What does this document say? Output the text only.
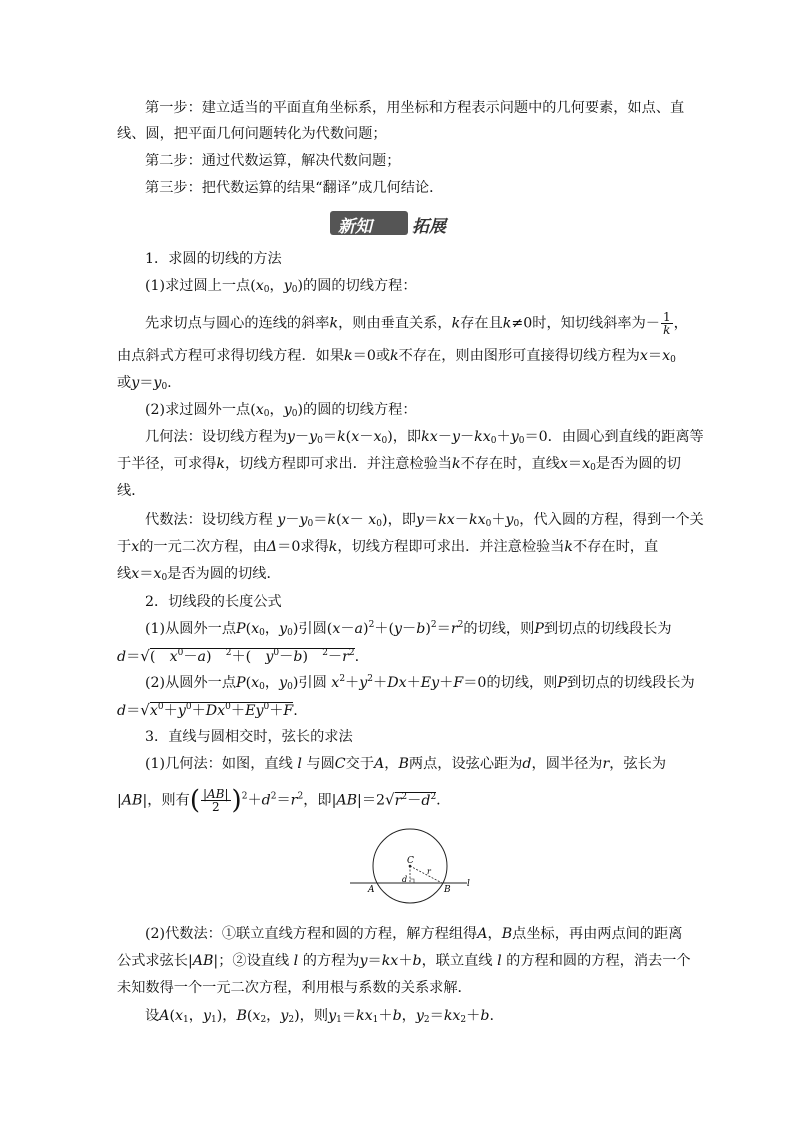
第一步：建立适当的平面直角坐标系，用坐标和方程表示问题中的几何要素，如点、直
线、圆，把平面几何问题转化为代数问题；
第二步：通过代数运算，解决代数问题；
第三步：把代数运算的结果“翻译”成几何结论．
新知 拓展
1．求圆的切线的方法
(1)求过圆上一点($x_0$，$y_0$)的圆的切线方程：
先求切点与圆心的连线的斜率k，则由垂直关系，k存在且k≠0时，知切线斜率为－ $\frac{1}{k}$ ，
由点斜式方程可求得切线方程．如果k＝0或k不存在，则由图形可直接得切线方程为$x=x_0$
或$y=y_0$.
(2)求过圆外一点($x_0$，$y_0$)的圆的切线方程：
几何法：设切线方程为$y-y_0=k(x-x_0)$，即$kx-y-kx_0+y_0=0$．由圆心到直线的距离等
于半径，可求得k，切线方程即可求出．并注意检验当k不存在时，直线$x=x_0$是否为圆的切
线．
代数法：设切线方程 $y-y_0=k(x- x_0)$，即$y=kx-kx_0+y_0$，代入圆的方程，得到一个关
于x的一元二次方程，由Δ＝0求得k，切线方程即可求出．并注意检验当k不存在时，直
线$x=x_0$是否为圆的切线．
2．切线段的长度公式
(1)从圆外一点$P(x_0$，$y_0$)引圆$(x-a)^2+(y-b)^2=r^2$的切线，则P到切点的切线段长为
d＝√(　$x^0-a$)　$^2$＋(　$y^0-b$)　$^2-r^2$.
(2)从圆外一点$P(x_0$，$y_0$)引圆 $x^2+y^2+Dx+Ey+F=0$的切线，则P到切点的切线段长为
$d=√x^0+y^0+Dx^0+Ey^0+F$.
3．直线与圆相交时，弦长的求法
(1)几何法：如图，直线 l 与圆C交于A，B两点，设弦心距为d，圆半径为r，弦长为
|AB|，则有( $\frac{|AB|}{2} )^2+d^2=r^2$，即$|AB|=2√r^2-d^2$.
C
d
r
A	B
l
(2)代数法：①联立直线方程和圆的方程，解方程组得A，B点坐标，再由两点间的距离
公式求弦长|AB|；②设直线 l 的方程为y＝kx＋b，联立直线 l 的方程和圆的方程，消去一个
未知数得一个一元二次方程，利用根与系数的关系求解．
设$A(x_1$，$y_1$)，$B(x_2$，$y_2$)，则$y_1=kx_1+b$，$y_2=kx_2+b$.
